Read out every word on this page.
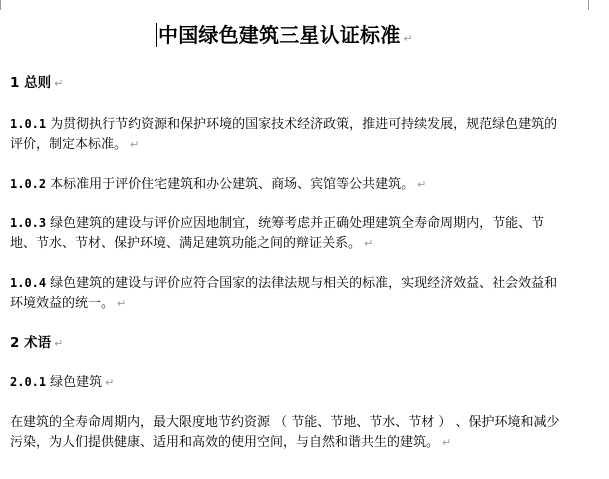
中国绿色建筑三星认证标准 ↵
1 总则 ↵
1.0.1 为贯彻执行节约资源和保护环境的国家技术经济政策，推进可持续发展，规范绿色建筑的评价，制定本标准。 ↵
1.0.2 本标准用于评价住宅建筑和办公建筑、商场、宾馆等公共建筑。 ↵
1.0.3 绿色建筑的建设与评价应因地制宜，统筹考虑并正确处理建筑全寿命周期内，节能、节地、节水、节材、保护环境、满足建筑功能之间的辩证关系。 ↵
1.0.4 绿色建筑的建设与评价应符合国家的法律法规与相关的标准，实现经济效益、社会效益和环境效益的统一。 ↵
2 术语 ↵
2.0.1 绿色建筑 ↵
在建筑的全寿命周期内，最大限度地节约资源 （ 节能、节地、节水、节材 ） 、保护环境和减少污染，为人们提供健康、适用和高效的使用空间，与自然和谐共生的建筑。 ↵
